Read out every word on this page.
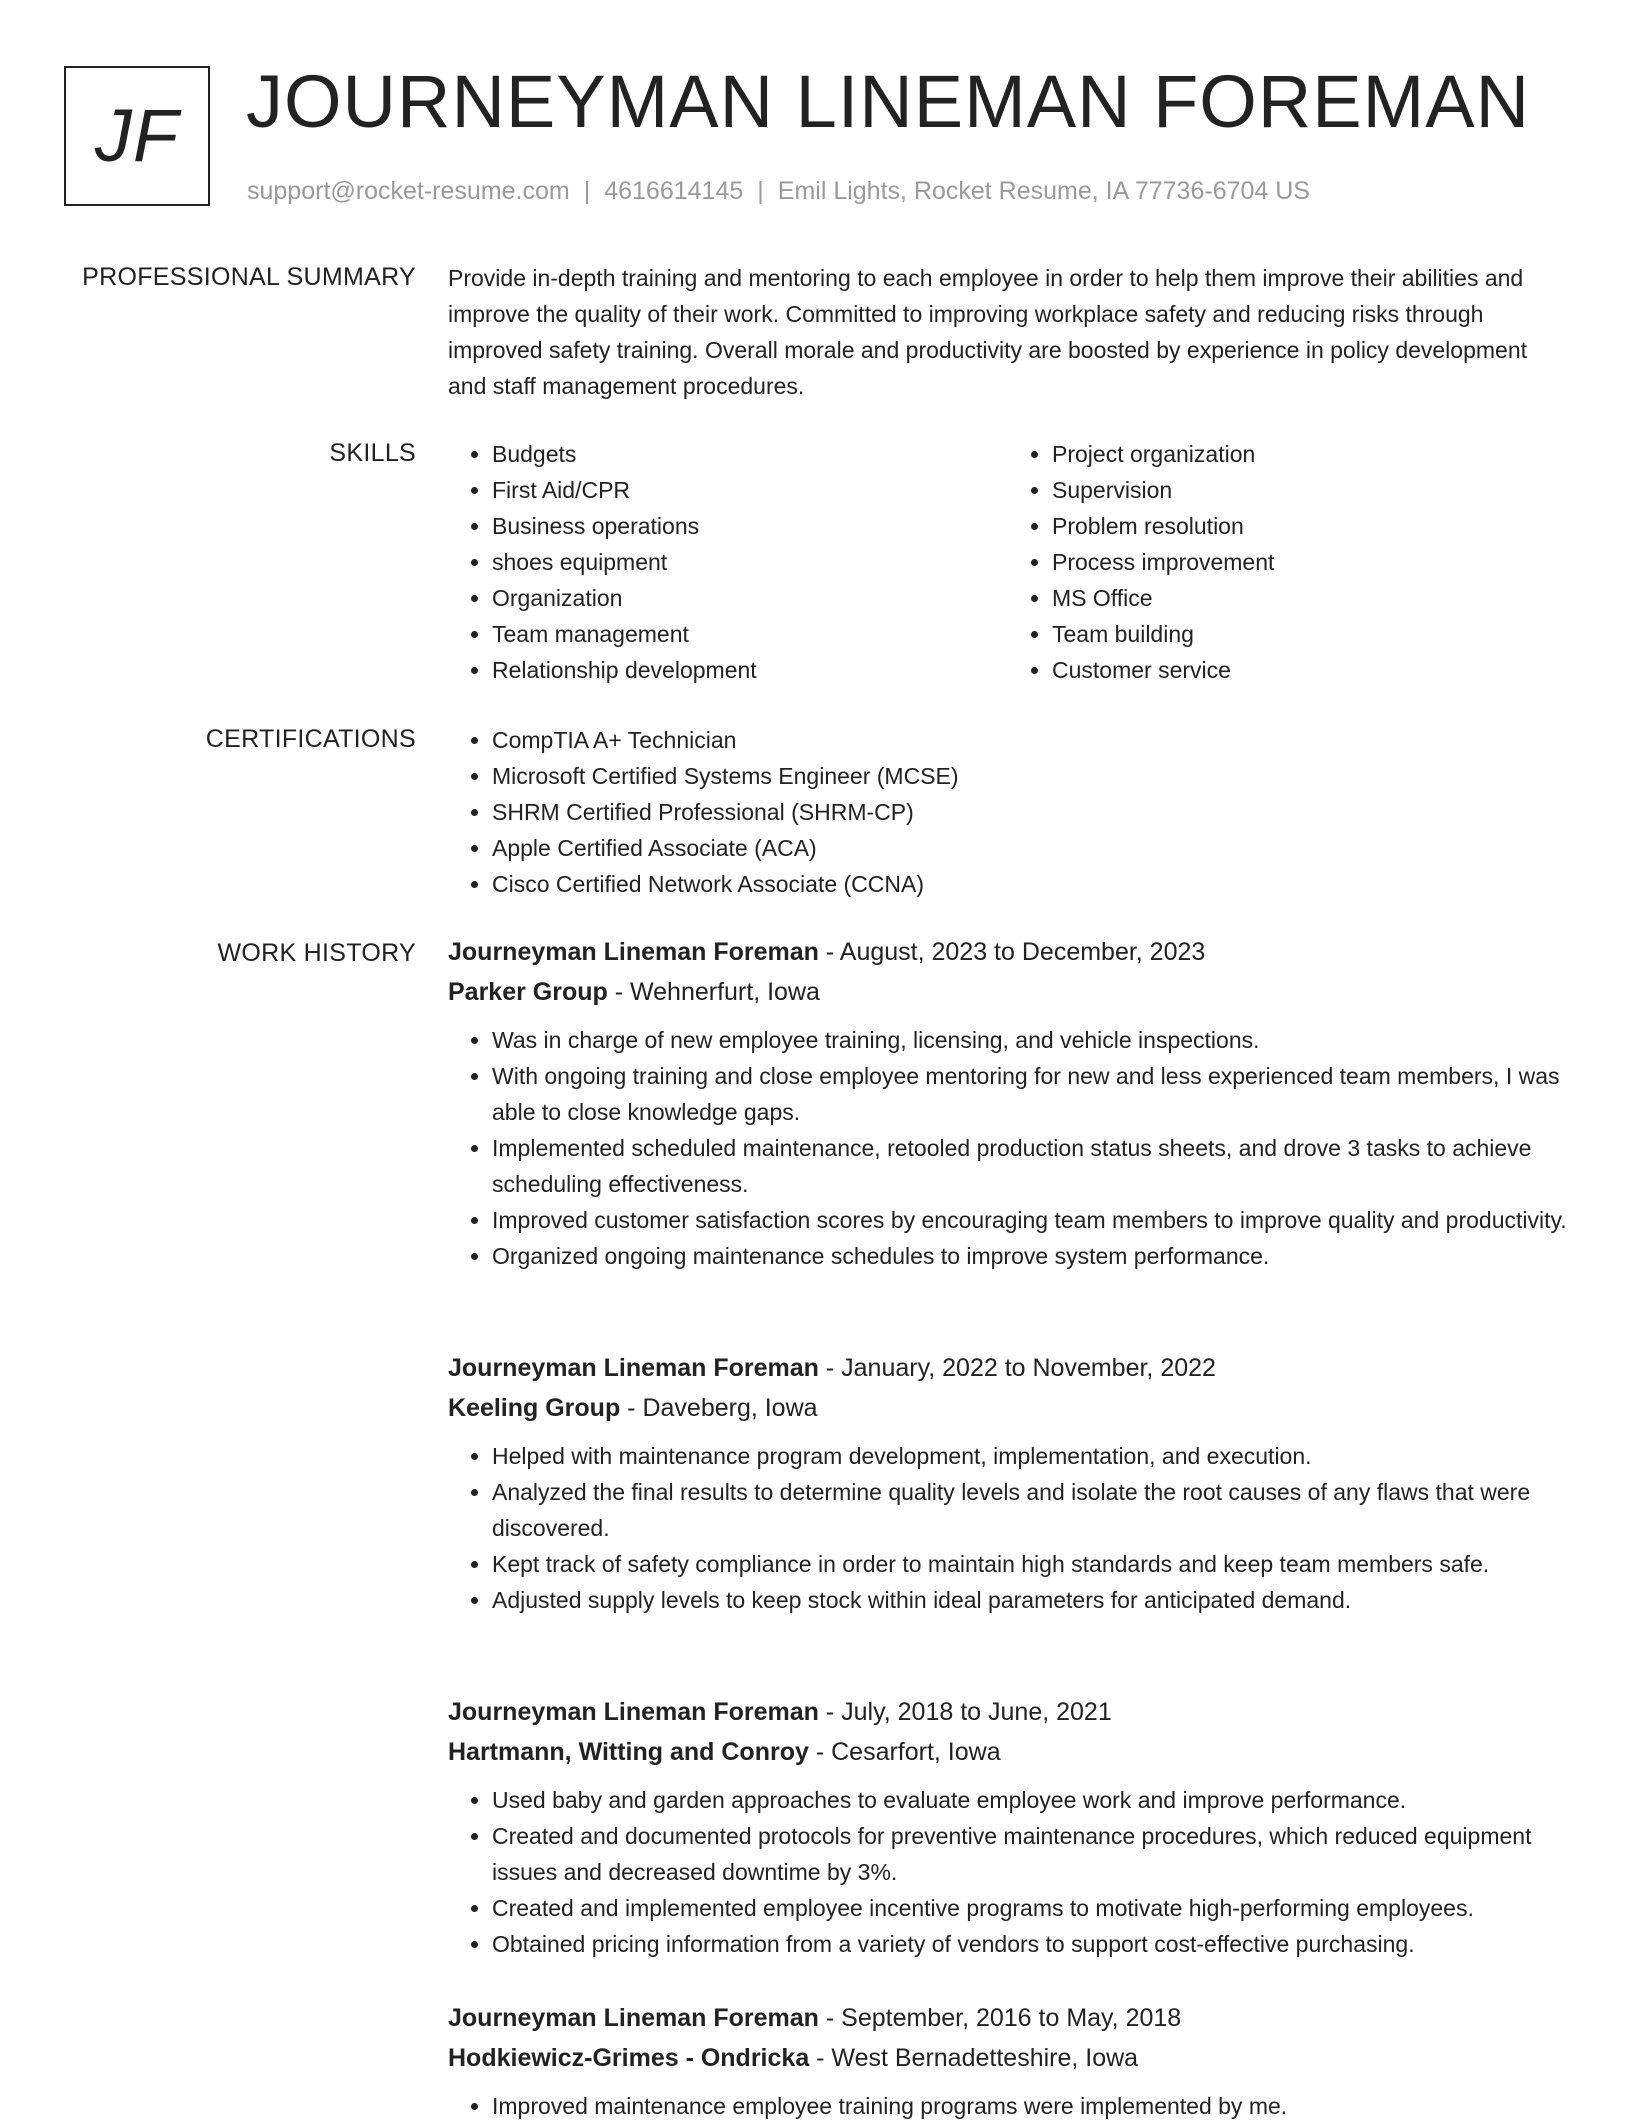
JF JOURNEYMAN LINEMAN FOREMAN
support@rocket-resume.com | 4616614145 | Emil Lights, Rocket Resume, IA 77736-6704 US
PROFESSIONAL SUMMARY Provide in-depth training and mentoring to each employee in order to help them improve their abilities and improve the quality of their work. Committed to improving workplace safety and reducing risks through improved safety training. Overall morale and productivity are boosted by experience in policy development and staff management procedures.

SKILLS	• Budgets
• First Aid/CPR
• Business operations
• shoes equipment
• Organization
• Team management
• Relationship development
• Project organization
• Supervision
• Problem resolution
• Process improvement
• MS Office
• Team building
• Customer service
CERTIFICATIONS	• CompTIA A+ Technician
• Microsoft Certified Systems Engineer (MCSE)
• SHRM Certified Professional (SHRM-CP)
• Apple Certified Associate (ACA)
• Cisco Certified Network Associate (CCNA)
WORK HISTORY Journeyman Lineman Foreman - August, 2023 to December, 2023
Parker Group - Wehnerfurt, Iowa
• Was in charge of new employee training, licensing, and vehicle inspections.
• With ongoing training and close employee mentoring for new and less experienced team members, I was able to close knowledge gaps.
• Implemented scheduled maintenance, retooled production status sheets, and drove 3 tasks to achieve scheduling effectiveness.
• Improved customer satisfaction scores by encouraging team members to improve quality and productivity.
• Organized ongoing maintenance schedules to improve system performance.
Journeyman Lineman Foreman - January, 2022 to November, 2022
Keeling Group - Daveberg, Iowa
• Helped with maintenance program development, implementation, and execution.
• Analyzed the final results to determine quality levels and isolate the root causes of any flaws that were discovered.
• Kept track of safety compliance in order to maintain high standards and keep team members safe.
• Adjusted supply levels to keep stock within ideal parameters for anticipated demand.
Journeyman Lineman Foreman - July, 2018 to June, 2021
Hartmann, Witting and Conroy - Cesarfort, Iowa
• Used baby and garden approaches to evaluate employee work and improve performance.
• Created and documented protocols for preventive maintenance procedures, which reduced equipment issues and decreased downtime by 3%.
• Created and implemented employee incentive programs to motivate high-performing employees.
• Obtained pricing information from a variety of vendors to support cost-effective purchasing.
Journeyman Lineman Foreman - September, 2016 to May, 2018
Hodkiewicz-Grimes - Ondricka - West Bernadetteshire, Iowa
• Improved maintenance employee training programs were implemented by me.
